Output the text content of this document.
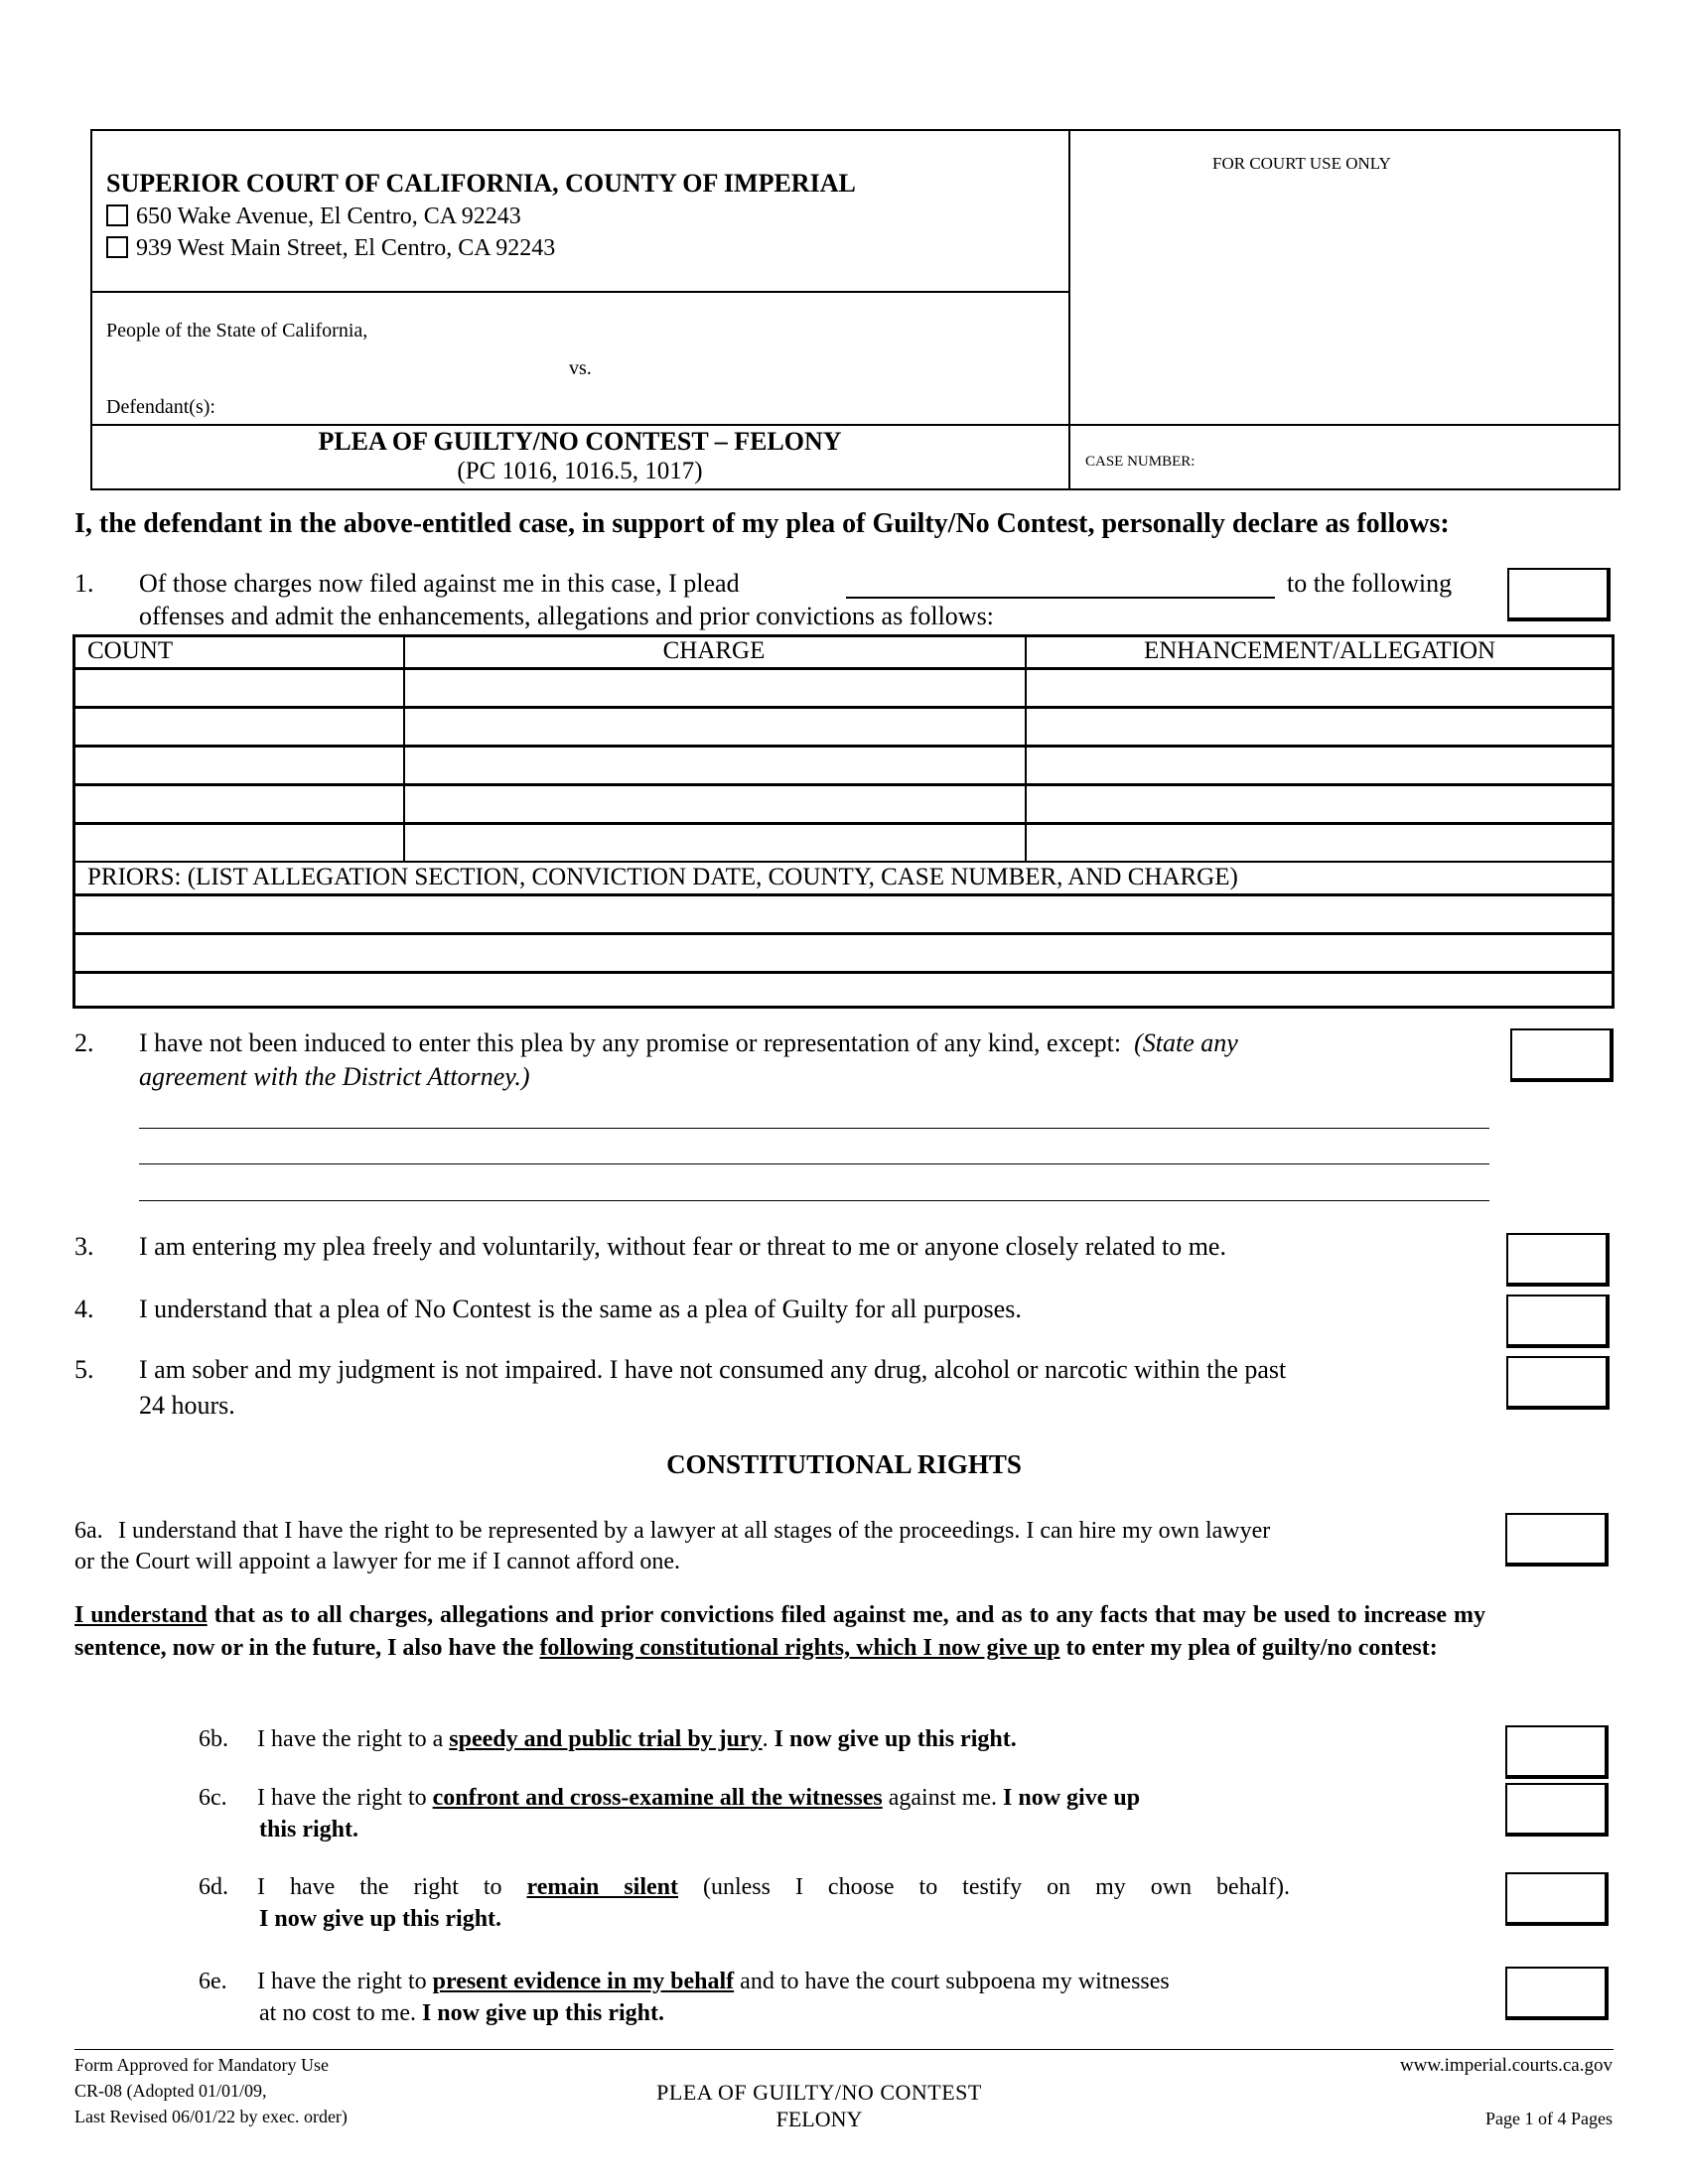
SUPERIOR COURT OF CALIFORNIA, COUNTY OF IMPERIAL
650 Wake Avenue, El Centro, CA 92243
939 West Main Street, El Centro, CA 92243
FOR COURT USE ONLY
People of the State of California,
vs.
Defendant(s):
PLEA OF GUILTY/NO CONTEST – FELONY
(PC 1016, 1016.5, 1017)	CASE NUMBER:
I, the defendant in the above-entitled case, in support of my plea of Guilty/No Contest, personally declare as follows:
1. Of those charges now filed against me in this case, I plead	to the following
offenses and admit the enhancements, allegations and prior convictions as follows:
COUNT	CHARGE	ENHANCEMENT/ALLEGATION
PRIORS: (LIST ALLEGATION SECTION, CONVICTION DATE, COUNTY, CASE NUMBER, AND CHARGE)
2. I have not been induced to enter this plea by any promise or representation of any kind, except: (State any
agreement with the District Attorney.)
3. I am entering my plea freely and voluntarily, without fear or threat to me or anyone closely related to me.
4. I understand that a plea of No Contest is the same as a plea of Guilty for all purposes.
5. I am sober and my judgment is not impaired. I have not consumed any drug, alcohol or narcotic within the past
24 hours.
CONSTITUTIONAL RIGHTS
6a. I understand that I have the right to be represented by a lawyer at all stages of the proceedings. I can hire my own lawyer
or the Court will appoint a lawyer for me if I cannot afford one.
I understand that as to all charges, allegations and prior convictions filed against me, and as to any facts that may be used to increase my sentence, now or in the future, I also have the following constitutional rights, which I now give up to enter my plea of guilty/no contest:
6b. I have the right to a speedy and public trial by jury. I now give up this right.
6c. I have the right to confront and cross-examine all the witnesses against me. I now give up
this right.
6d. I have the right to remain silent (unless I choose to testify on my own behalf).
I now give up this right.
6e. I have the right to present evidence in my behalf and to have the court subpoena my witnesses
at no cost to me. I now give up this right.
Form Approved for Mandatory Use
CR-08 (Adopted 01/01/09,
Last Revised 06/01/22 by exec. order)
PLEA OF GUILTY/NO CONTEST
FELONY
www.imperial.courts.ca.gov
Page 1 of 4 Pages
